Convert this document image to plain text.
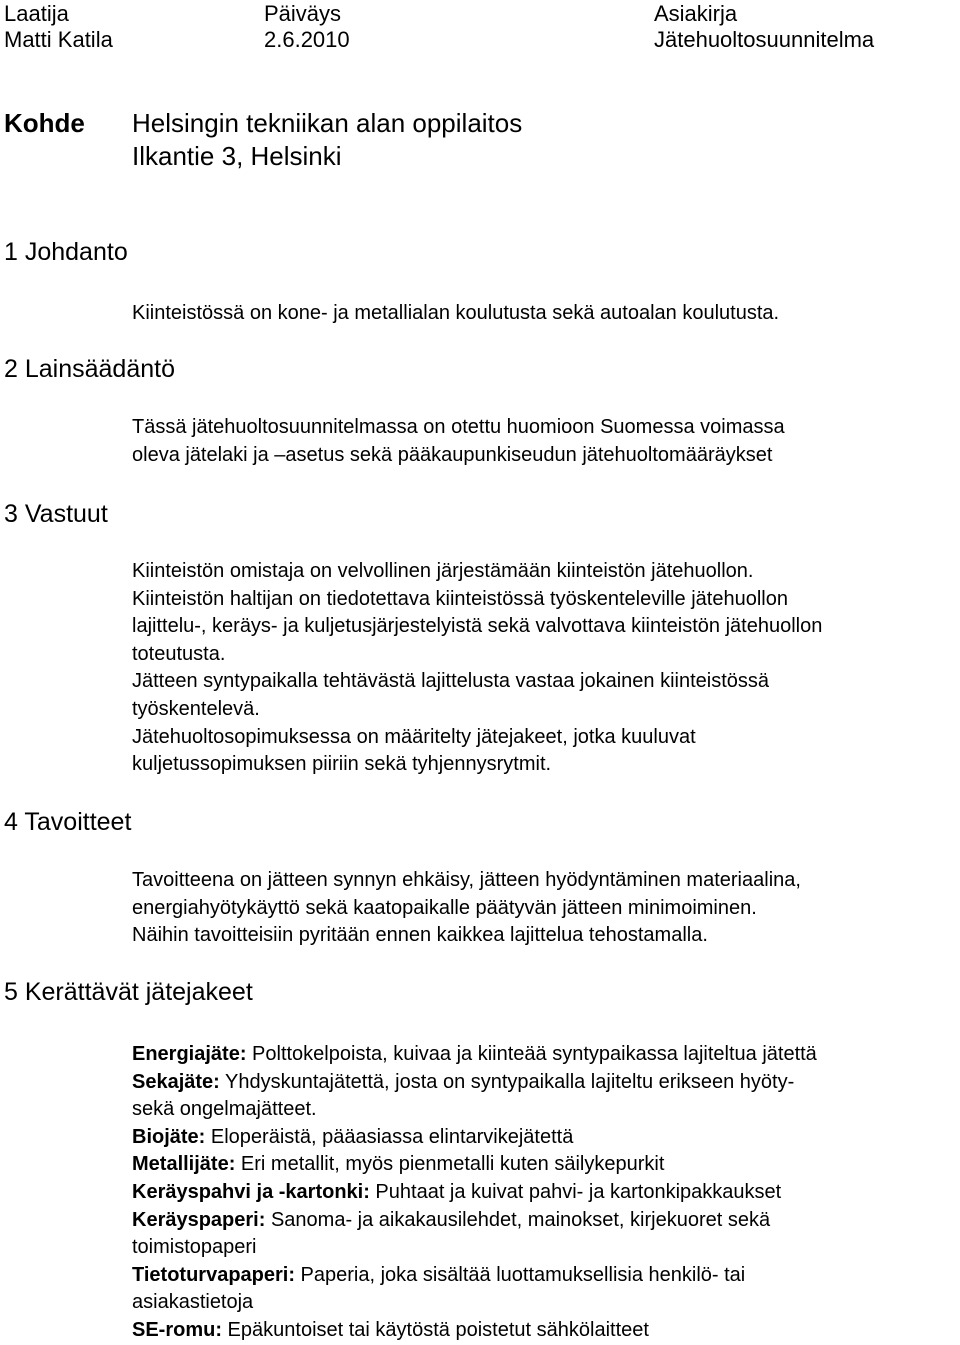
Laatija
Matti Katila
Päiväys
2.6.2010
Asiakirja
Jätehuoltosuunnitelma
Kohde Helsingin tekniikan alan oppilaitos
Ilkantie 3, Helsinki
1 Johdanto
2 Lainsäädäntö
3 Vastuut
4 Tavoitteet
5 Kerättävät jätejakeet
Kiinteistössä on kone- ja metallialan koulutusta sekä autoalan koulutusta.
Tässä jätehuoltosuunnitelmassa on otettu huomioon Suomessa voimassa
oleva jätelaki ja –asetus sekä pääkaupunkiseudun jätehuoltomääräykset
Kiinteistön omistaja on velvollinen järjestämään kiinteistön jätehuollon.
Kiinteistön haltijan on tiedotettava kiinteistössä työskenteleville jätehuollon
lajittelu-, keräys- ja kuljetusjärjestelyistä sekä valvottava kiinteistön jätehuollon
toteutusta.
Jätteen syntypaikalla tehtävästä lajittelusta vastaa jokainen kiinteistössä
työskentelevä.
Jätehuoltosopimuksessa on määritelty jätejakeet, jotka kuuluvat
kuljetussopimuksen piiriin sekä tyhjennysrytmit.
Tavoitteena on jätteen synnyn ehkäisy, jätteen hyödyntäminen materiaalina,
energiahyötykäyttö sekä kaatopaikalle päätyvän jätteen minimoiminen.
Näihin tavoitteisiin pyritään ennen kaikkea lajittelua tehostamalla.
Energiajäte: Polttokelpoista, kuivaa ja kiinteää syntypaikassa lajiteltua jätettä
Sekajäte: Yhdyskuntajätettä, josta on syntypaikalla lajiteltu erikseen hyöty-
sekä ongelmajätteet.
Biojäte: Eloperäistä, pääasiassa elintarvikejätettä
Metallijäte: Eri metallit, myös pienmetalli kuten säilykepurkit
Keräyspahvi ja -kartonki: Puhtaat ja kuivat pahvi- ja kartonkipakkaukset
Keräyspaperi: Sanoma- ja aikakausilehdet, mainokset, kirjekuoret sekä
toimistopaperi
Tietoturvapaperi: Paperia, joka sisältää luottamuksellisia henkilö- tai
asiakastietoja
SE-romu: Epäkuntoiset tai käytöstä poistetut sähkölaitteet
